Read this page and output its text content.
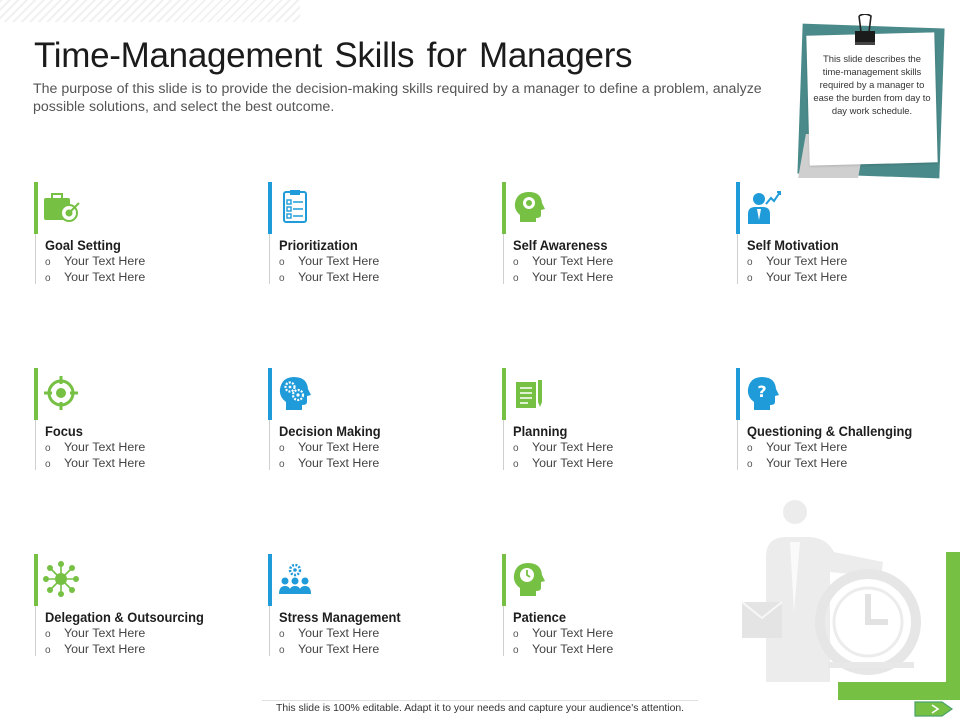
Time-Management Skills for Managers
The purpose of this slide is to provide the decision-making skills required by a manager to define a problem, analyze possible solutions, and select the best outcome.
This slide describes the time-management skills required by a manager to ease the burden from day to day work schedule.
Goal Setting
o Your Text Here
o Your Text Here
Prioritization
o Your Text Here
o Your Text Here
Self Awareness
o Your Text Here
o Your Text Here
Self Motivation
o Your Text Here
o Your Text Here
Focus
o Your Text Here
o Your Text Here
Decision Making
o Your Text Here
o Your Text Here
Planning
o Your Text Here
o Your Text Here
?
Questioning & Challenging
o Your Text Here
o Your Text Here
Delegation & Outsourcing
o Your Text Here
o Your Text Here
Stress Management
o Your Text Here
o Your Text Here
Patience
o Your Text Here
o Your Text Here
This slide is 100% editable. Adapt it to your needs and capture your audience's attention.
